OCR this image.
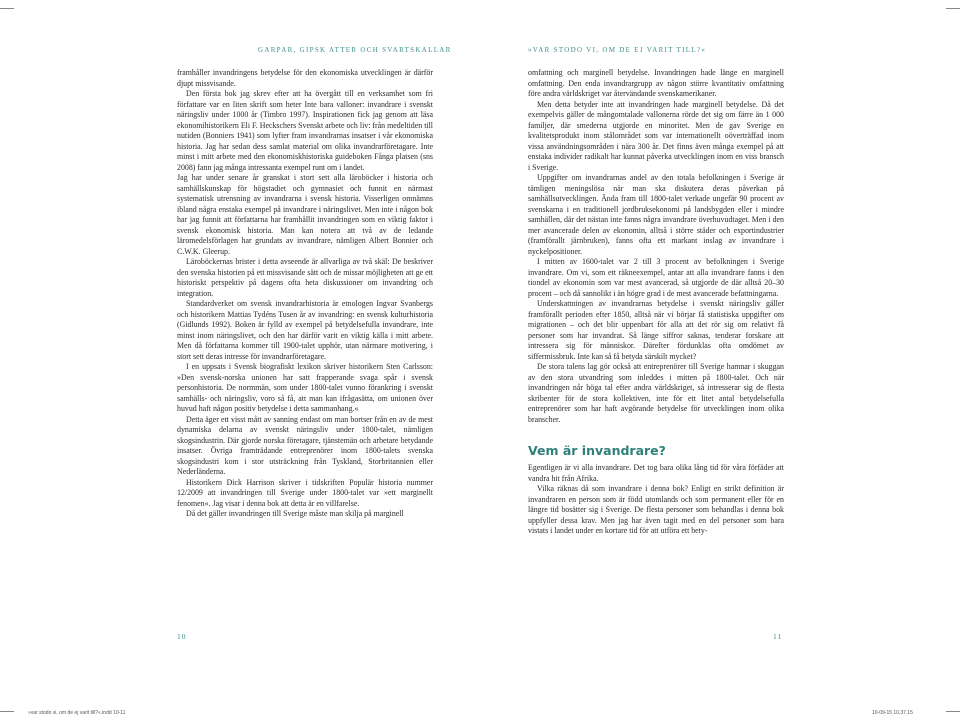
GARPAR, GIPSK ATTER OCH SVARTSKALLAR	»VAR STODO VI, OM DE EJ VARIT TILL?«

framhåller invandringens betydelse för den ekonomiska utvecklingen är därför djupt missvisande.

Den första bok jag skrev efter att ha övergått till en verksamhet som fri författare var en liten skrift som heter Inte bara valloner: invandrare i svenskt näringsliv under 1000 år (Timbro 1997). Inspirationen fick jag genom att läsa ekonomihistorikern Eli F. Heckschers Svenskt arbete och liv: från medeltiden till nutiden (Bonniers 1941) som lyfter fram invandrarnas insatser i vår ekonomiska historia. Jag har sedan dess samlat material om olika invandrarföretagare. Inte minst i mitt arbete med den ekonomiskhistoriska guideboken Fånga platsen (sns 2008) fann jag många intressanta exempel runt om i landet.

Jag har under senare år granskat i stort sett alla läroböcker i historia och samhällskunskap för högstadiet och gymnasiet och funnit en närmast systematisk utrensning av invandrarna i svensk historia. Visserligen omnämns ibland några enstaka exempel på invandrare i näringslivet. Men inte i någon bok har jag funnit att författarna har framhållit invandringen som en viktig faktor i svensk ekonomisk historia. Man kan notera att två av de ledande läromedelsförlagen har grundats av invandrare, nämligen Albert Bonnier och C.W.K. Gleerup.

Läroböckernas brister i detta avseende är allvarliga av två skäl: De beskriver den svenska historien på ett missvisande sätt och de missar möjligheten att ge ett historiskt perspektiv på dagens ofta heta diskussioner om invandring och integration.

Standardverket om svensk invandrarhistoria är etnologen Ingvar Svanbergs och historikern Mattias Tydéns Tusen år av invandring: en svensk kulturhistoria (Gidlunds 1992). Boken är fylld av exempel på betydelsefulla invandrare, inte minst inom näringslivet, och den har därför varit en viktig källa i mitt arbete. Men då författarna kommer till 1900-talet upphör, utan närmare motivering, i stort sett deras intresse för invandrarföretagare.

I en uppsats i Svensk biografiskt lexikon skriver historikern Sten Carlsson: »Den svensk-norska unionen har satt frapperande svaga spår i svensk personhistoria. De normmän, som under 1800-talet vunno förankring i svenskt samhälls- och näringsliv, voro så få, att man kan ifrågasätta, om unionen över huvud haft någon positiv betydelse i detta sammanhang.«

Detta äger ett visst mått av sanning endast om man bortser från en av de mest dynamiska delarna av svenskt näringsliv under 1800-talet, nämligen skogsindustrin. Där gjorde norska företagare, tjänstemän och arbetare betydande insatser. Övriga framträdande entreprenörer inom 1800-talets svenska skogsindustri kom i stor utsträckning från Tyskland, Storbritannien eller Nederländerna.

Historikern Dick Harrison skriver i tidskriften Populär historia nummer 12/2009 att invandringen till Sverige under 1800-talet var »ett marginellt fenomen«. Jag visar i denna bok att detta är en villfarelse.

Då det gäller invandringen till Sverige måste man skilja på marginell

omfattning och marginell betydelse. Invandringen hade länge en marginell omfattning. Den enda invandrargrupp av någon större kvantitativ omfattning före andra världskriget var återvändande svenskamerikaner.

Men detta betyder inte att invandringen hade marginell betydelse. Då det exempelvis gäller de mångomtalade vallonerna rörde det sig om färre än 1 000 familjer, där smederna utgjorde en minoritet. Men de gav Sverige en kvalitetsprodukt inom stålområdet som var internationellt oöverträffad inom vissa användningsområden i nära 300 år. Det finns även många exempel på att enstaka individer radikalt har kunnat påverka utvecklingen inom en viss bransch i Sverige.

Uppgifter om invandrarnas andel av den totala befolkningen i Sverige är tämligen meningslösa när man ska diskutera deras påverkan på samhällsutvecklingen. Ända fram till 1800-talet verkade ungefär 90 procent av svenskarna i en traditionell jordbruksekonomi på landsbygden eller i mindre samhällen, där det nästan inte fanns några invandrare överhuvudtaget. Men i den mer avancerade delen av ekonomin, alltså i större städer och exportindustrier (framförallt järnbruken), fanns ofta ett markant inslag av invandrare i nyckelpositioner.

I mitten av 1600-talet var 2 till 3 procent av befolkningen i Sverige invandrare. Om vi, som ett räkneexempel, antar att alla invandrare fanns i den tiondel av ekonomin som var mest avancerad, så utgjorde de där alltså 20–30 procent – och då sannolikt i än högre grad i de mest avancerade befattningarna.

Underskattningen av invandrarnas betydelse i svenskt näringsliv gäller framförallt perioden efter 1850, alltså när vi börjar få statistiska uppgifter om migrationen – och det blir uppenbart för alla att det rör sig om relativt få personer som har invandrat. Så länge siffror saknas, tenderar forskare att intressera sig för människor. Därefter fördunklas ofta omdömet av siffermissbruk. Inte kan så få betyda särskilt mycket?

De stora talens lag gör också att entreprenörer till Sverige hamnar i skuggan av den stora utvandring som inleddes i mitten på 1800-talet. Och när invandringen når höga tal efter andra världskriget, så intresserar sig de flesta skribenter för de stora kollektiven, inte för ett litet antal betydelsefulla entreprenörer som har haft avgörande betydelse för utvecklingen inom olika branscher.

Vem är invandrare?

Egentligen är vi alla invandrare. Det tog bara olika lång tid för våra förfäder att vandra hit från Afrika.

Vilka räknas då som invandrare i denna bok? Enligt en strikt definition är invandraren en person som är född utomlands och som permanent eller för en längre tid bosätter sig i Sverige. De flesta personer som behandlas i denna bok uppfyller dessa krav. Men jag har även tagit med en del personer som bara vistats i landet under en kortare tid för att utföra ett bety-

10	11
»var stodo vi, om de ej varit till?«.indd 10-11	10-09-15 10.37.15
